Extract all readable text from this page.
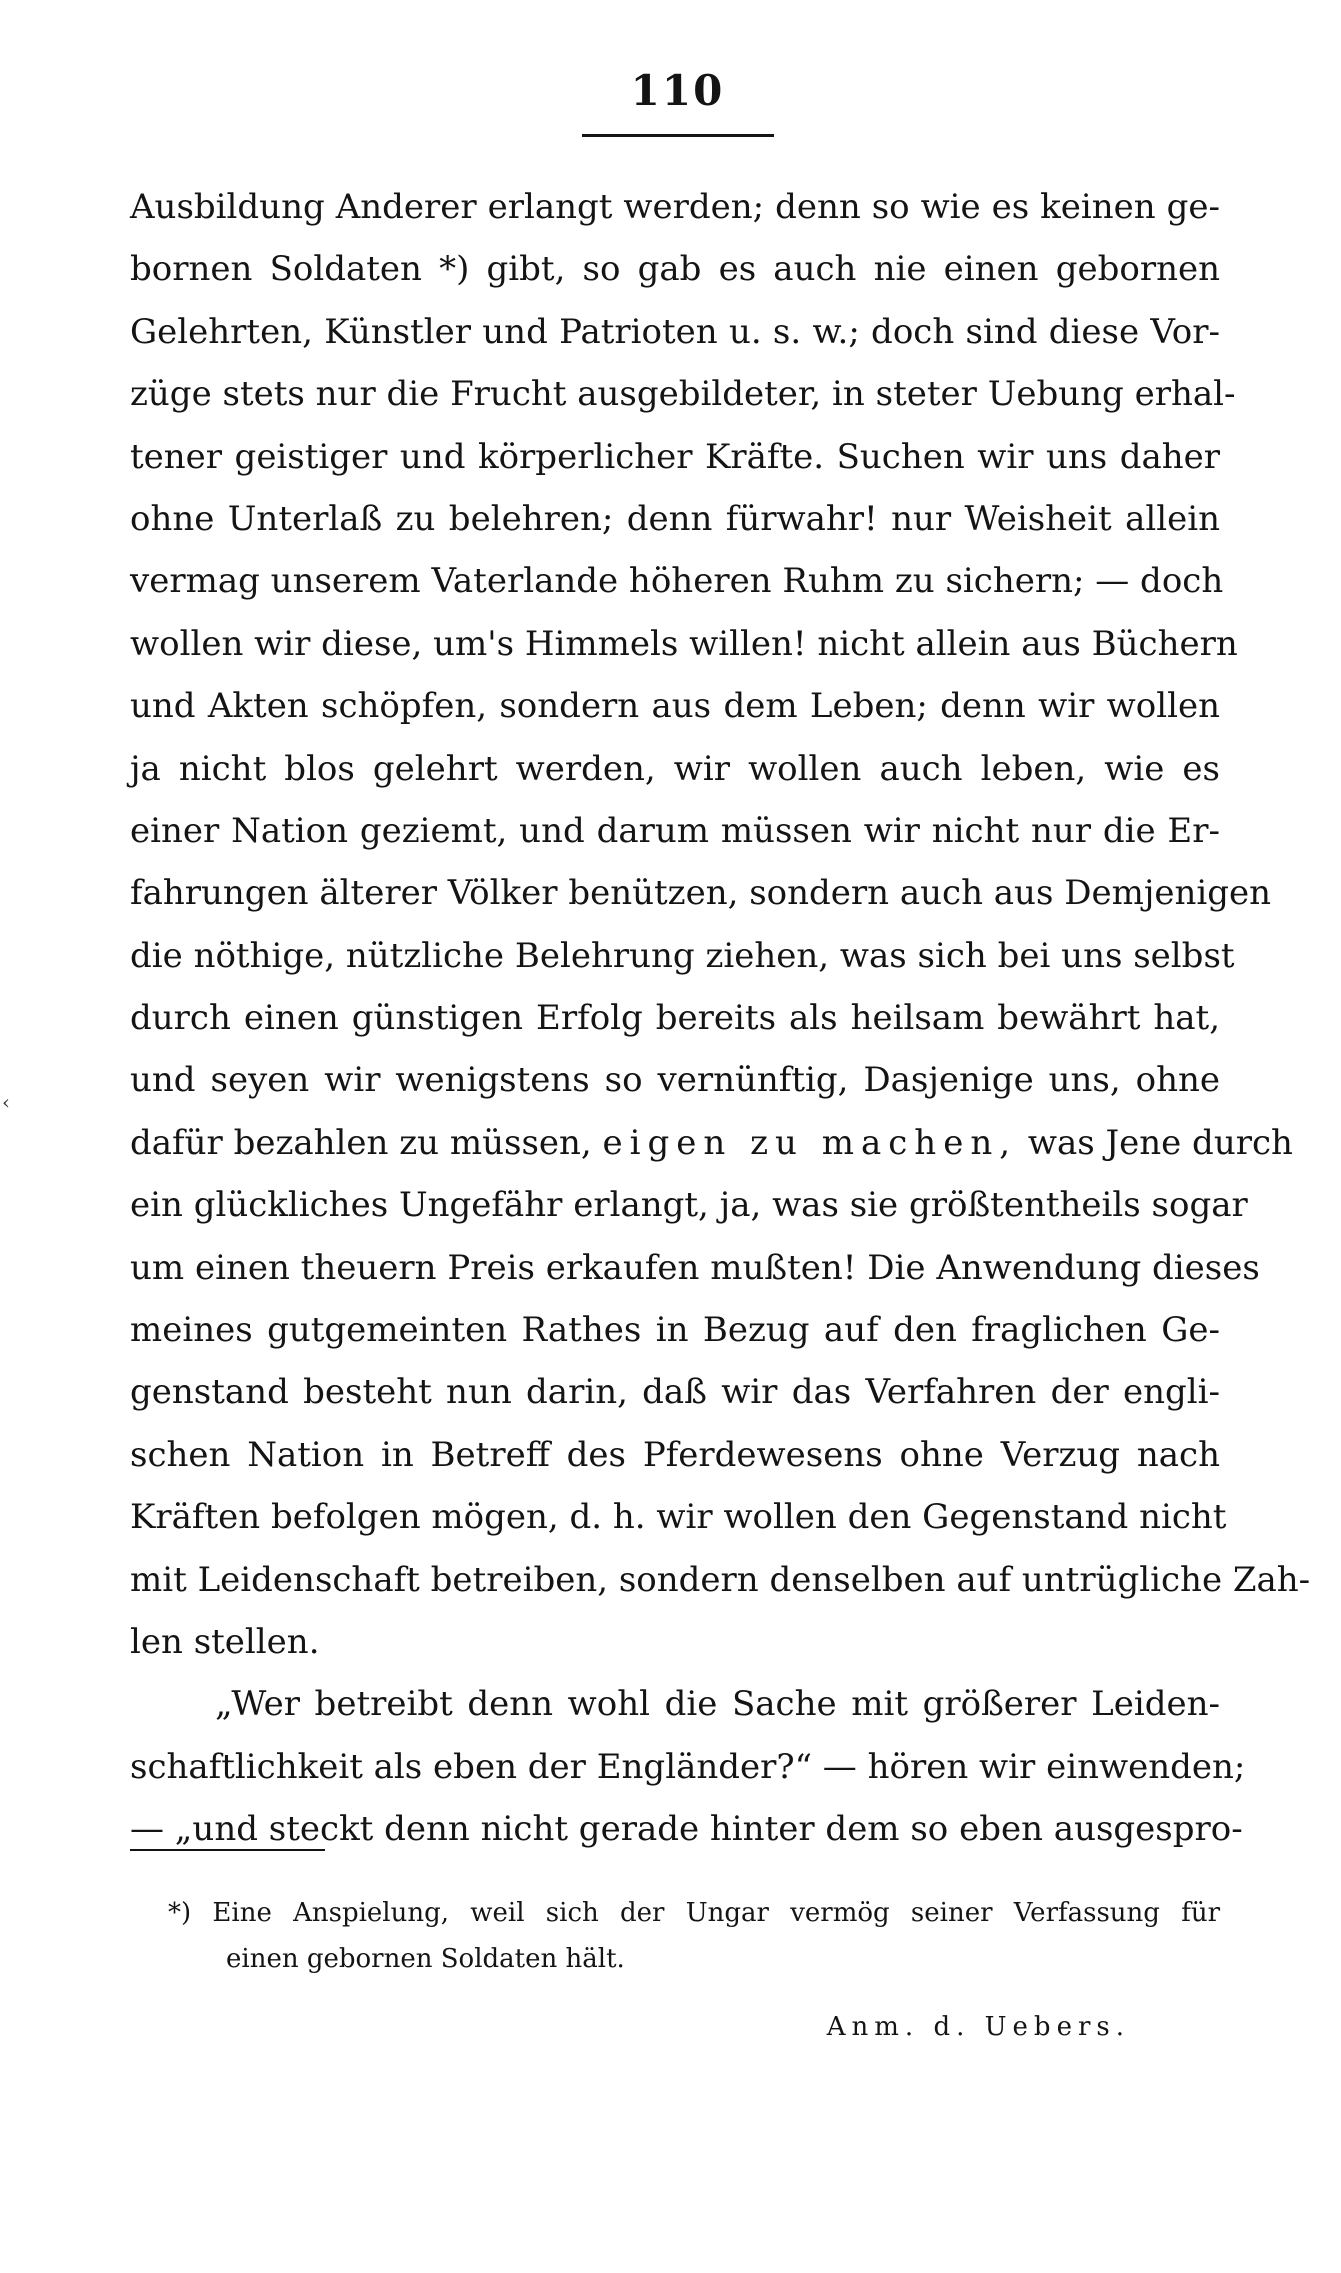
110
Ausbildung Anderer erlangt werden; denn so wie es keinen ge-
bornen Soldaten *) gibt, so gab es auch nie einen gebornen
Gelehrten, Künstler und Patrioten u. s. w.; doch sind diese Vor-
züge stets nur die Frucht ausgebildeter, in steter Uebung erhal-
tener geistiger und körperlicher Kräfte. Suchen wir uns daher
ohne Unterlaß zu belehren; denn fürwahr! nur Weisheit allein
vermag unserem Vaterlande höheren Ruhm zu sichern; — doch
wollen wir diese, um's Himmels willen! nicht allein aus Büchern
und Akten schöpfen, sondern aus dem Leben; denn wir wollen
ja nicht blos gelehrt werden, wir wollen auch leben, wie es
einer Nation geziemt, und darum müssen wir nicht nur die Er-
fahrungen älterer Völker benützen, sondern auch aus Demjenigen
die nöthige, nützliche Belehrung ziehen, was sich bei uns selbst
durch einen günstigen Erfolg bereits als heilsam bewährt hat,
und seyen wir wenigstens so vernünftig, Dasjenige uns, ohne
dafür bezahlen zu müssen, eigen zu machen, was Jene durch
ein glückliches Ungefähr erlangt, ja, was sie größtentheils sogar
um einen theuern Preis erkaufen mußten! Die Anwendung dieses
meines gutgemeinten Rathes in Bezug auf den fraglichen Ge-
genstand besteht nun darin, daß wir das Verfahren der engli-
schen Nation in Betreff des Pferdewesens ohne Verzug nach
Kräften befolgen mögen, d. h. wir wollen den Gegenstand nicht
mit Leidenschaft betreiben, sondern denselben auf untrügliche Zah-
len stellen.
„Wer betreibt denn wohl die Sache mit größerer Leiden-
schaftlichkeit als eben der Engländer?“ — hören wir einwenden;
— „und steckt denn nicht gerade hinter dem so eben ausgespro-
*) Eine Anspielung, weil sich der Ungar vermög seiner Verfassung für
einen gebornen Soldaten hält.
Anm. d. Uebers.
‹
